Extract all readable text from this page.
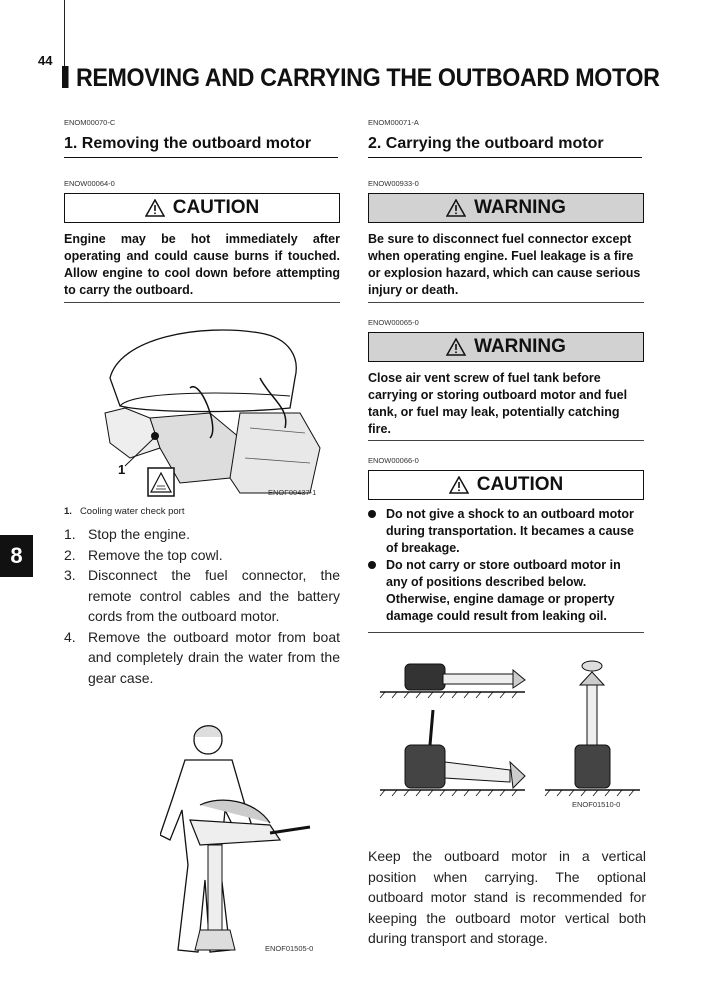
44
REMOVING AND CARRYING THE OUTBOARD MOTOR
8
ENOM00070-C
1. Removing the outboard motor
ENOW00064-0
CAUTION
Engine may be hot immediately after operating and could cause burns if touched. Allow engine to cool down before attempting to carry the outboard.
1
ENOF00437-1
1. Cooling water check port
1. Stop the engine.
2. Remove the top cowl.
3. Disconnect the fuel connector, the remote control cables and the battery cords from the outboard motor.
4. Remove the outboard motor from boat and completely drain the water from the gear case.
ENOF01505-0
ENOM00071-A
2. Carrying the outboard motor
ENOW00933-0
WARNING
Be sure to disconnect fuel connector except when operating engine. Fuel leakage is a fire or explosion hazard, which can cause serious injury or death.
ENOW00065-0
WARNING
Close air vent screw of fuel tank before carrying or storing outboard motor and fuel tank, or fuel may leak, potentially catching fire.
ENOW00066-0
CAUTION
Do not give a shock to an outboard motor during transportation. It becames a cause of breakage.
Do not carry or store outboard motor in any of positions described below. Otherwise, engine damage or property damage could result from leaking oil.
ENOF01510-0
Keep the outboard motor in a vertical position when carrying. The optional outboard motor stand is recommended for keeping the outboard motor vertical both during transport and storage.
